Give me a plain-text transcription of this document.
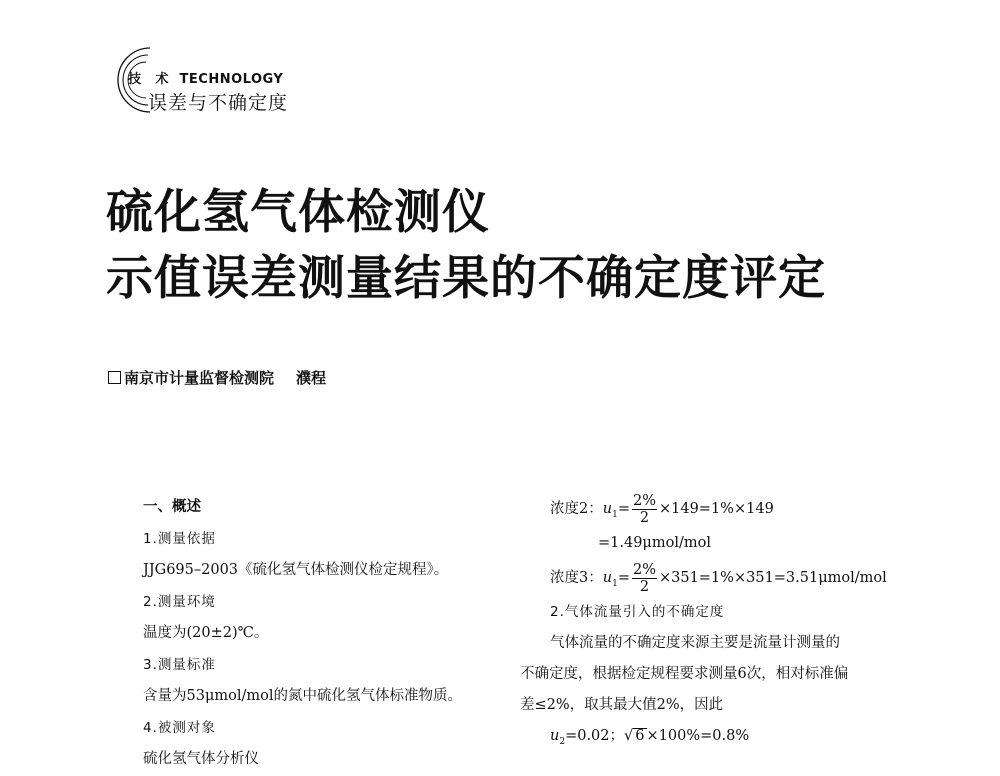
技 术 TECHNOLOGY
误差与不确定度
硫化氢气体检测仪
示值误差测量结果的不确定度评定
南京市计量监督检测院 濮程
一、概述
1.测量依据
JJG695–2003《硫化氢气体检测仪检定规程》。
2.测量环境
温度为(20±2)℃。
3.测量标准
含量为53μmol/mol的氮中硫化氢气体标准物质。
4.被测对象
硫化氢气体分析仪
浓度2：$u_1= \frac{2\%}{2} \times 149=1\%\times 149$
=1.49μmol/mol
浓度3：$u_1= \frac{2\%}{2} \times 351=1\%\times 351=3.51\mu mol/mol$
2.气体流量引入的不确定度
气体流量的不确定度来源主要是流量计测量的
不确定度，根据检定规程要求测量6次，相对标准偏
差≤2%，取其最大值2%，因此
$u_2=0.02$；√ 6 ×100%=0.8%
